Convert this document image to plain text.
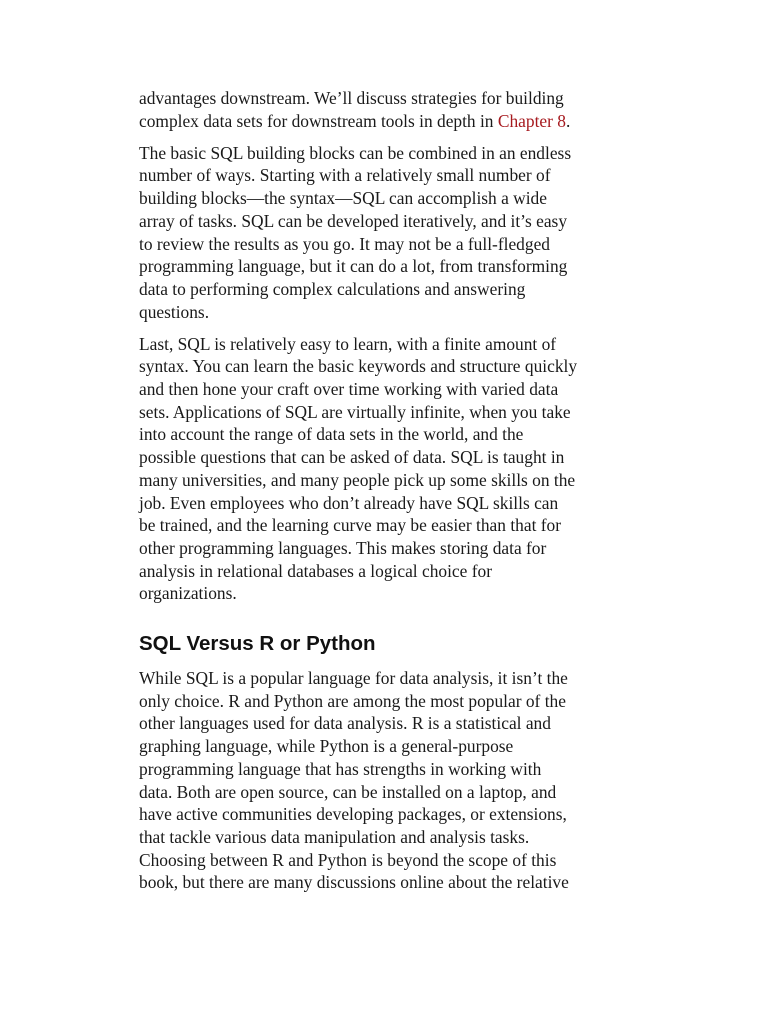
advantages downstream. We’ll discuss strategies for building
complex data sets for downstream tools in depth in Chapter 8.

The basic SQL building blocks can be combined in an endless
number of ways. Starting with a relatively small number of
building blocks—the syntax—SQL can accomplish a wide
array of tasks. SQL can be developed iteratively, and it’s easy
to review the results as you go. It may not be a full-fledged
programming language, but it can do a lot, from transforming
data to performing complex calculations and answering
questions.

Last, SQL is relatively easy to learn, with a finite amount of
syntax. You can learn the basic keywords and structure quickly
and then hone your craft over time working with varied data
sets. Applications of SQL are virtually infinite, when you take
into account the range of data sets in the world, and the
possible questions that can be asked of data. SQL is taught in
many universities, and many people pick up some skills on the
job. Even employees who don’t already have SQL skills can
be trained, and the learning curve may be easier than that for
other programming languages. This makes storing data for
analysis in relational databases a logical choice for
organizations.

SQL Versus R or Python

While SQL is a popular language for data analysis, it isn’t the
only choice. R and Python are among the most popular of the
other languages used for data analysis. R is a statistical and
graphing language, while Python is a general-purpose
programming language that has strengths in working with
data. Both are open source, can be installed on a laptop, and
have active communities developing packages, or extensions,
that tackle various data manipulation and analysis tasks.
Choosing between R and Python is beyond the scope of this
book, but there are many discussions online about the relative
